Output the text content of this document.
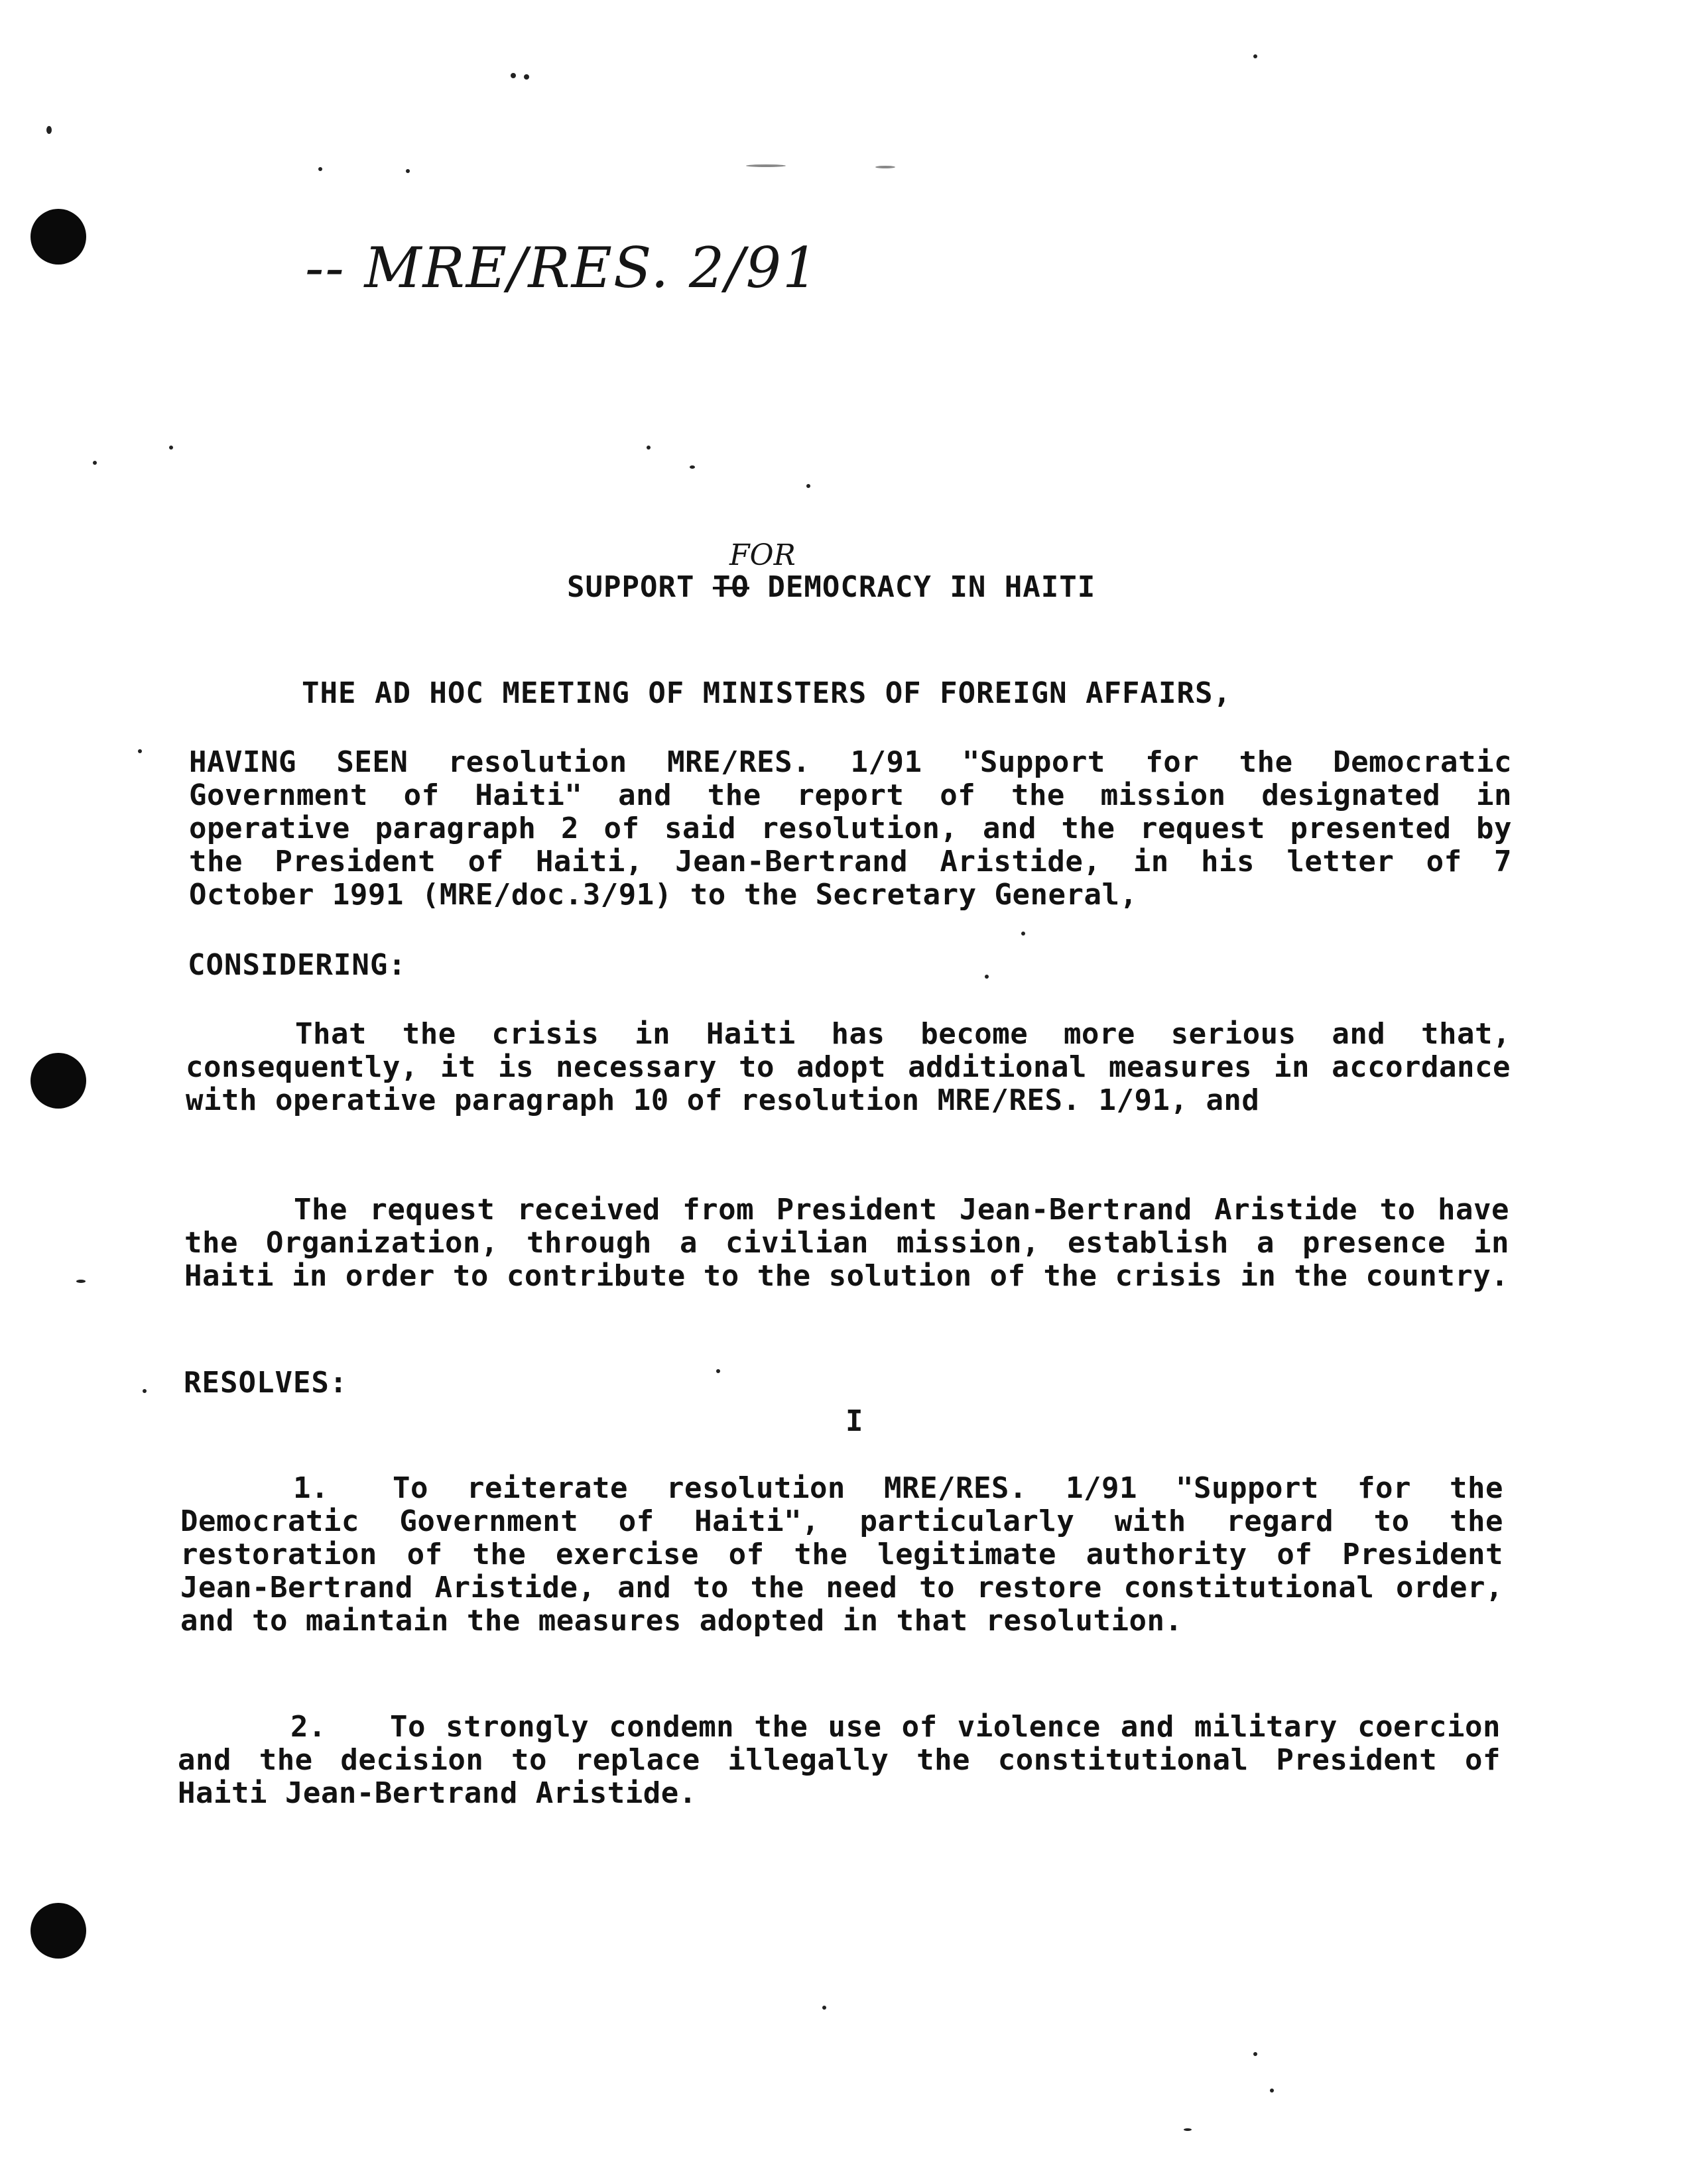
-- MRE/RES. 2/91
FOR
SUPPORT TO DEMOCRACY IN HAITI
THE AD HOC MEETING OF MINISTERS OF FOREIGN AFFAIRS,
HAVING SEEN resolution MRE/RES. 1/91 "Support for the Democratic Government of Haiti" and the report of the mission designated in operative paragraph 2 of said resolution, and the request presented by the President of Haiti, Jean-Bertrand Aristide, in his letter of 7 October 1991 (MRE/doc.3/91) to the Secretary General,
CONSIDERING:
That the crisis in Haiti has become more serious and that, consequently, it is necessary to adopt additional measures in accordance with operative paragraph 10 of resolution MRE/RES. 1/91, and
The request received from President Jean-Bertrand Aristide to have the Organization, through a civilian mission, establish a presence in Haiti in order to contribute to the solution of the crisis in the country.
RESOLVES:
I
1. To reiterate resolution MRE/RES. 1/91 "Support for the Democratic Government of Haiti", particularly with regard to the restoration of the exercise of the legitimate authority of President Jean-Bertrand Aristide, and to the need to restore constitutional order, and to maintain the measures adopted in that resolution.
2. To strongly condemn the use of violence and military coercion and the decision to replace illegally the constitutional President of Haiti Jean-Bertrand Aristide.
